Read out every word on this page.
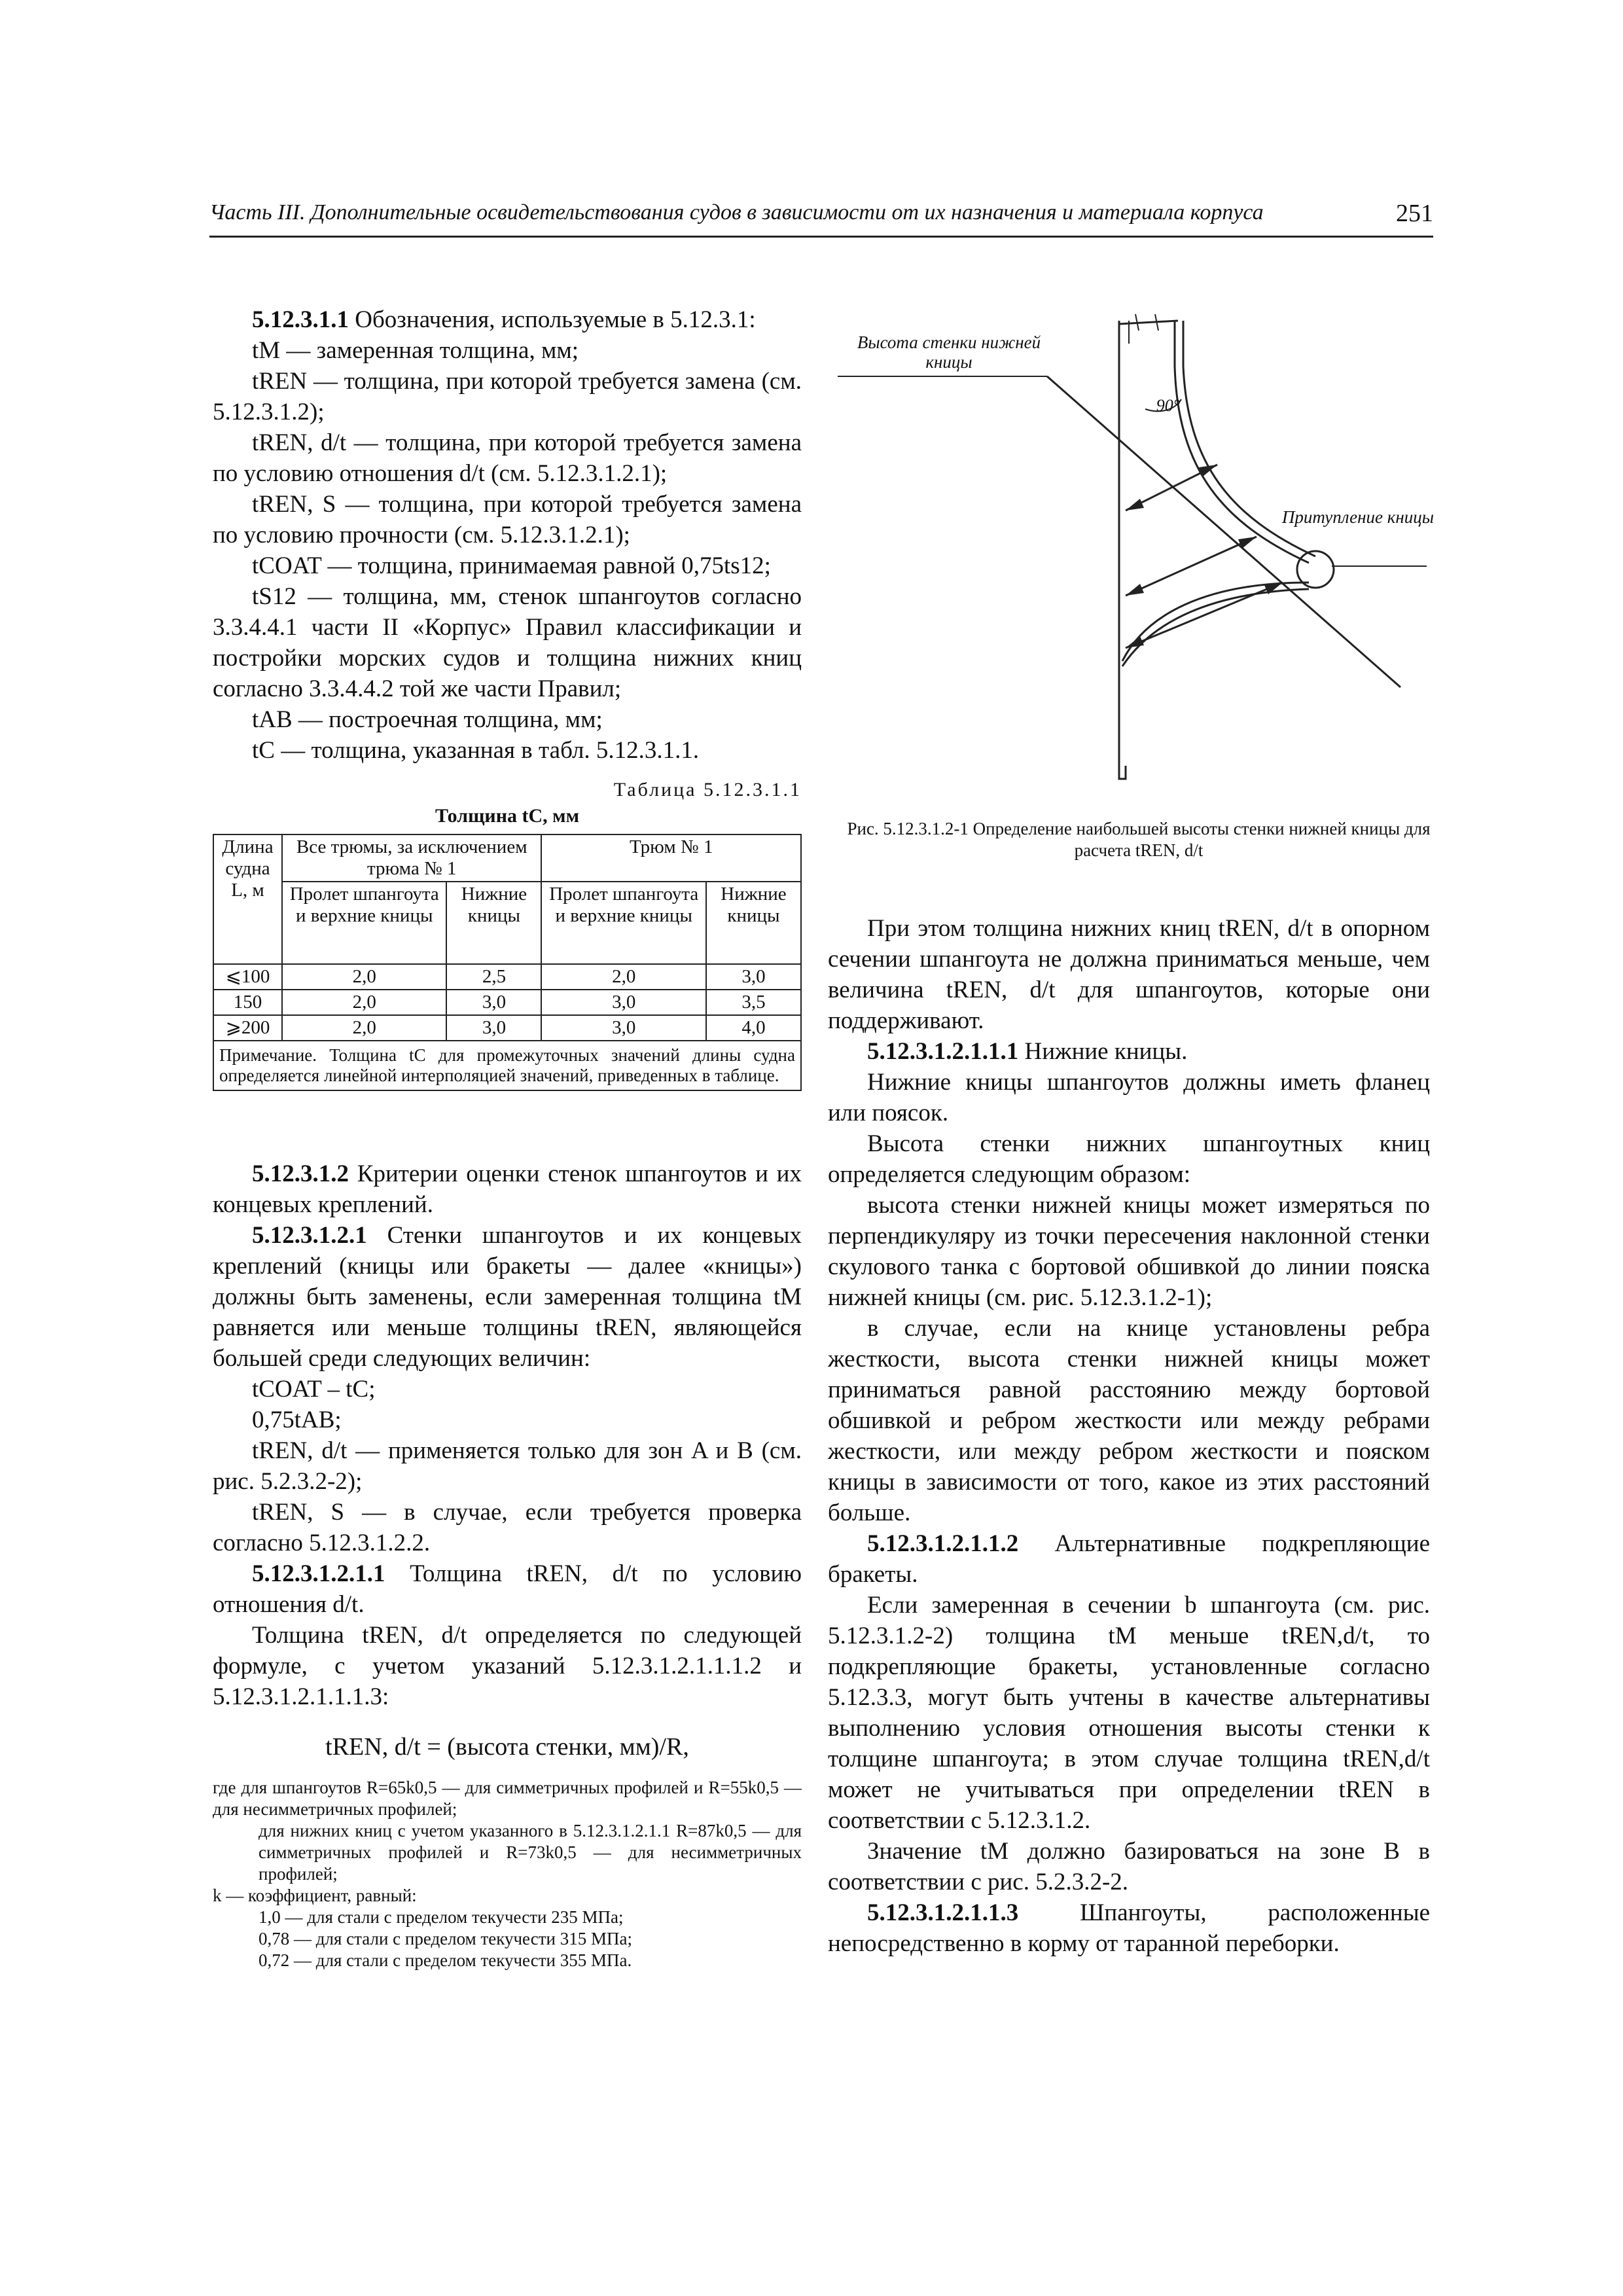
Часть III. Дополнительные освидетельствования судов в зависимости от их назначения и материала корпуса	251

5.12.3.1.1 Обозначения, используемые в 5.12.3.1:

tM — замеренная толщина, мм;

tREN — толщина, при которой требуется замена (см. 5.12.3.1.2);

tREN, d/t — толщина, при которой требуется замена по условию отношения d/t (см. 5.12.3.1.2.1);

tREN, S — толщина, при которой требуется замена по условию прочности (см. 5.12.3.1.2.1);

tCOAT — толщина, принимаемая равной 0,75ts12;

tS12 — толщина, мм, стенок шпангоутов согласно 3.3.4.4.1 части II «Корпус» Правил классификации и постройки морских судов и толщина нижних книц согласно 3.3.4.4.2 той же части Правил;

tAB — построечная толщина, мм;

tC — толщина, указанная в табл. 5.12.3.1.1.

Таблица 5.12.3.1.1
Толщина tC, мм
Длина судна L, м	Все трюмы, за исключением трюма № 1		Трюм № 1	
	Пролет шпангоута и верхние кницы	Нижние кницы	Пролет шпангоута и верхние кницы	Нижние кницы
⩽100	2,0	2,5	2,0	3,0
150	2,0	3,0	3,0	3,5
⩾200	2,0	3,0	3,0	4,0
Примечание. Толщина tC для промежуточных значений длины судна определяется линейной интерполяцией значений, приведенных в таблице.				

5.12.3.1.2 Критерии оценки стенок шпангоутов и их концевых креплений.

5.12.3.1.2.1 Стенки шпангоутов и их концевых креплений (кницы или бракеты — далее «кницы») должны быть заменены, если замеренная толщина tM равняется или меньше толщины tREN, являющейся большей среди следующих величин:

tCOAT – tC;

0,75tAB;

tREN, d/t — применяется только для зон A и B (см. рис. 5.2.3.2-2);

tREN, S — в случае, если требуется проверка согласно 5.12.3.1.2.2.

5.12.3.1.2.1.1 Толщина tREN, d/t по условию отношения d/t.

Толщина tREN, d/t определяется по следующей формуле, с учетом указаний 5.12.3.1.2.1.1.1.2 и 5.12.3.1.2.1.1.1.3:

tREN, d/t = (высота стенки, мм)/R,

где для шпангоутов R=65k0,5 — для симметричных профилей и R=55k0,5 — для несимметричных профилей;

для нижних книц с учетом указанного в 5.12.3.1.2.1.1 R=87k0,5 — для симметричных профилей и R=73k0,5 — для несимметричных профилей;

k — коэффициент, равный:

1,0 — для стали с пределом текучести 235 МПа;

0,78 — для стали с пределом текучести 315 МПа;

0,72 — для стали с пределом текучести 355 МПа.

Высота стенки нижней кницы
90°
Притупление кницы
Рис. 5.12.3.1.2-1 Определение наибольшей высоты стенки нижней кницы для расчета tREN, d/t

При этом толщина нижних книц tREN, d/t в опорном сечении шпангоута не должна приниматься меньше, чем величина tREN, d/t для шпангоутов, которые они поддерживают.

5.12.3.1.2.1.1.1 Нижние кницы.

Нижние кницы шпангоутов должны иметь фланец или поясок.

Высота стенки нижних шпангоутных книц определяется следующим образом:

высота стенки нижней кницы может измеряться по перпендикуляру из точки пересечения наклонной стенки скулового танка с бортовой обшивкой до линии пояска нижней кницы (см. рис. 5.12.3.1.2-1);

в случае, если на книце установлены ребра жесткости, высота стенки нижней кницы может приниматься равной расстоянию между бортовой обшивкой и ребром жесткости или между ребрами жесткости, или между ребром жесткости и пояском кницы в зависимости от того, какое из этих расстояний больше.

5.12.3.1.2.1.1.2 Альтернативные подкрепляющие бракеты.

Если замеренная в сечении b шпангоута (см. рис. 5.12.3.1.2-2) толщина tM меньше tREN,d/t, то подкрепляющие бракеты, установленные согласно 5.12.3.3, могут быть учтены в качестве альтернативы выполнению условия отношения высоты стенки к толщине шпангоута; в этом случае толщина tREN,d/t может не учитываться при определении tREN в соответствии с 5.12.3.1.2.

Значение tM должно базироваться на зоне B в соответствии с рис. 5.2.3.2-2.

5.12.3.1.2.1.1.3 Шпангоуты, расположенные непосредственно в корму от таранной переборки.
